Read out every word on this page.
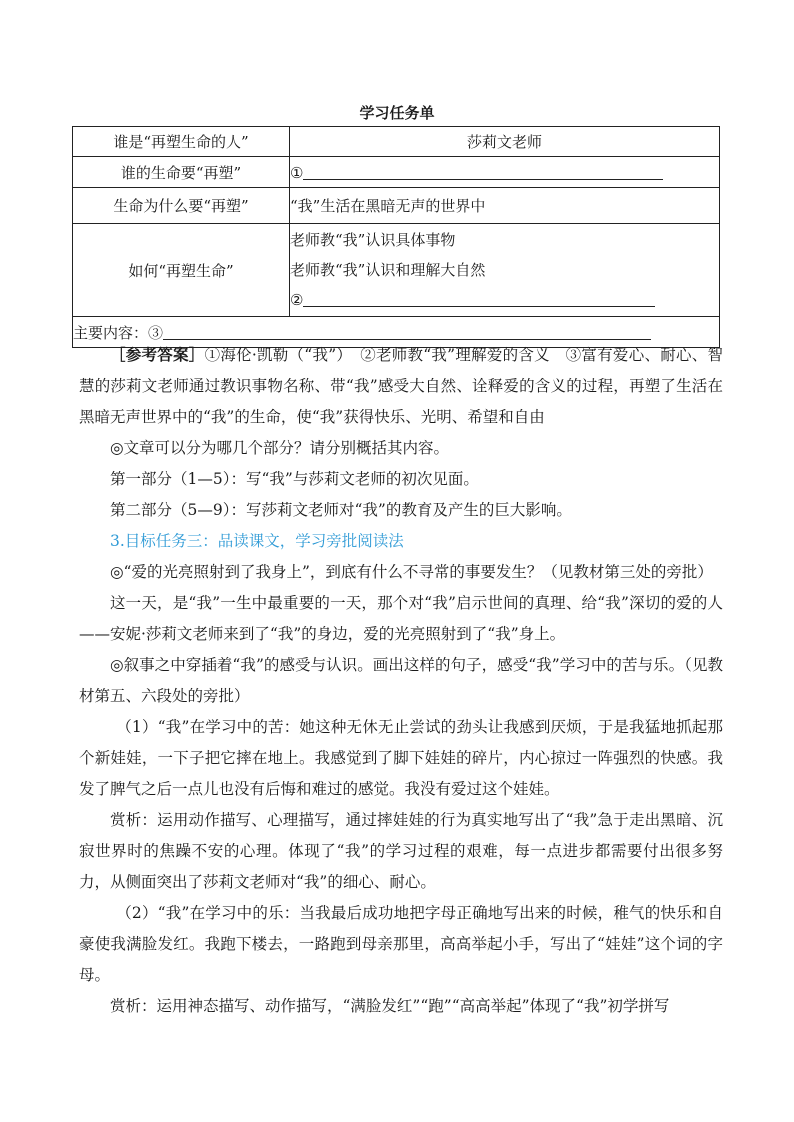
学习任务单
谁是“再塑生命的人”	莎莉文老师
谁的生命要“再塑”	①
生命为什么要“再塑”	“我”生活在黑暗无声的世界中
如何“再塑生命”	老师教“我”认识具体事物
老师教“我”认识和理解大自然
②

主要内容：③	

［参考答案］①海伦·凯勒（“我”）　②老师教“我”理解爱的含义　③富有爱心、耐心、智慧的莎莉文老师通过教识事物名称、带“我”感受大自然、诠释爱的含义的过程，再塑了生活在黑暗无声世界中的“我”的生命，使“我”获得快乐、光明、希望和自由

◎文章可以分为哪几个部分？请分别概括其内容。

第一部分（1—5）：写“我”与莎莉文老师的初次见面。

第二部分（5—9）：写莎莉文老师对“我”的教育及产生的巨大影响。

3.目标任务三：品读课文，学习旁批阅读法

◎“爱的光亮照射到了我身上”，到底有什么不寻常的事要发生？（见教材第三处的旁批）

这一天，是“我”一生中最重要的一天，那个对“我”启示世间的真理、给“我”深切的爱的人——安妮·莎莉文老师来到了“我”的身边，爱的光亮照射到了“我”身上。

◎叙事之中穿插着“我”的感受与认识。画出这样的句子，感受“我”学习中的苦与乐。（见教材第五、六段处的旁批）

（1）“我”在学习中的苦：她这种无休无止尝试的劲头让我感到厌烦，于是我猛地抓起那个新娃娃，一下子把它摔在地上。我感觉到了脚下娃娃的碎片，内心掠过一阵强烈的快感。我发了脾气之后一点儿也没有后悔和难过的感觉。我没有爱过这个娃娃。

赏析：运用动作描写、心理描写，通过摔娃娃的行为真实地写出了“我”急于走出黑暗、沉寂世界时的焦躁不安的心理。体现了“我”的学习过程的艰难，每一点进步都需要付出很多努力，从侧面突出了莎莉文老师对“我”的细心、耐心。

（2）“我”在学习中的乐：当我最后成功地把字母正确地写出来的时候，稚气的快乐和自豪使我满脸发红。我跑下楼去，一路跑到母亲那里，高高举起小手，写出了“娃娃”这个词的字母。

赏析：运用神态描写、动作描写，“满脸发红”“跑”“高高举起”体现了“我”初学拼写
